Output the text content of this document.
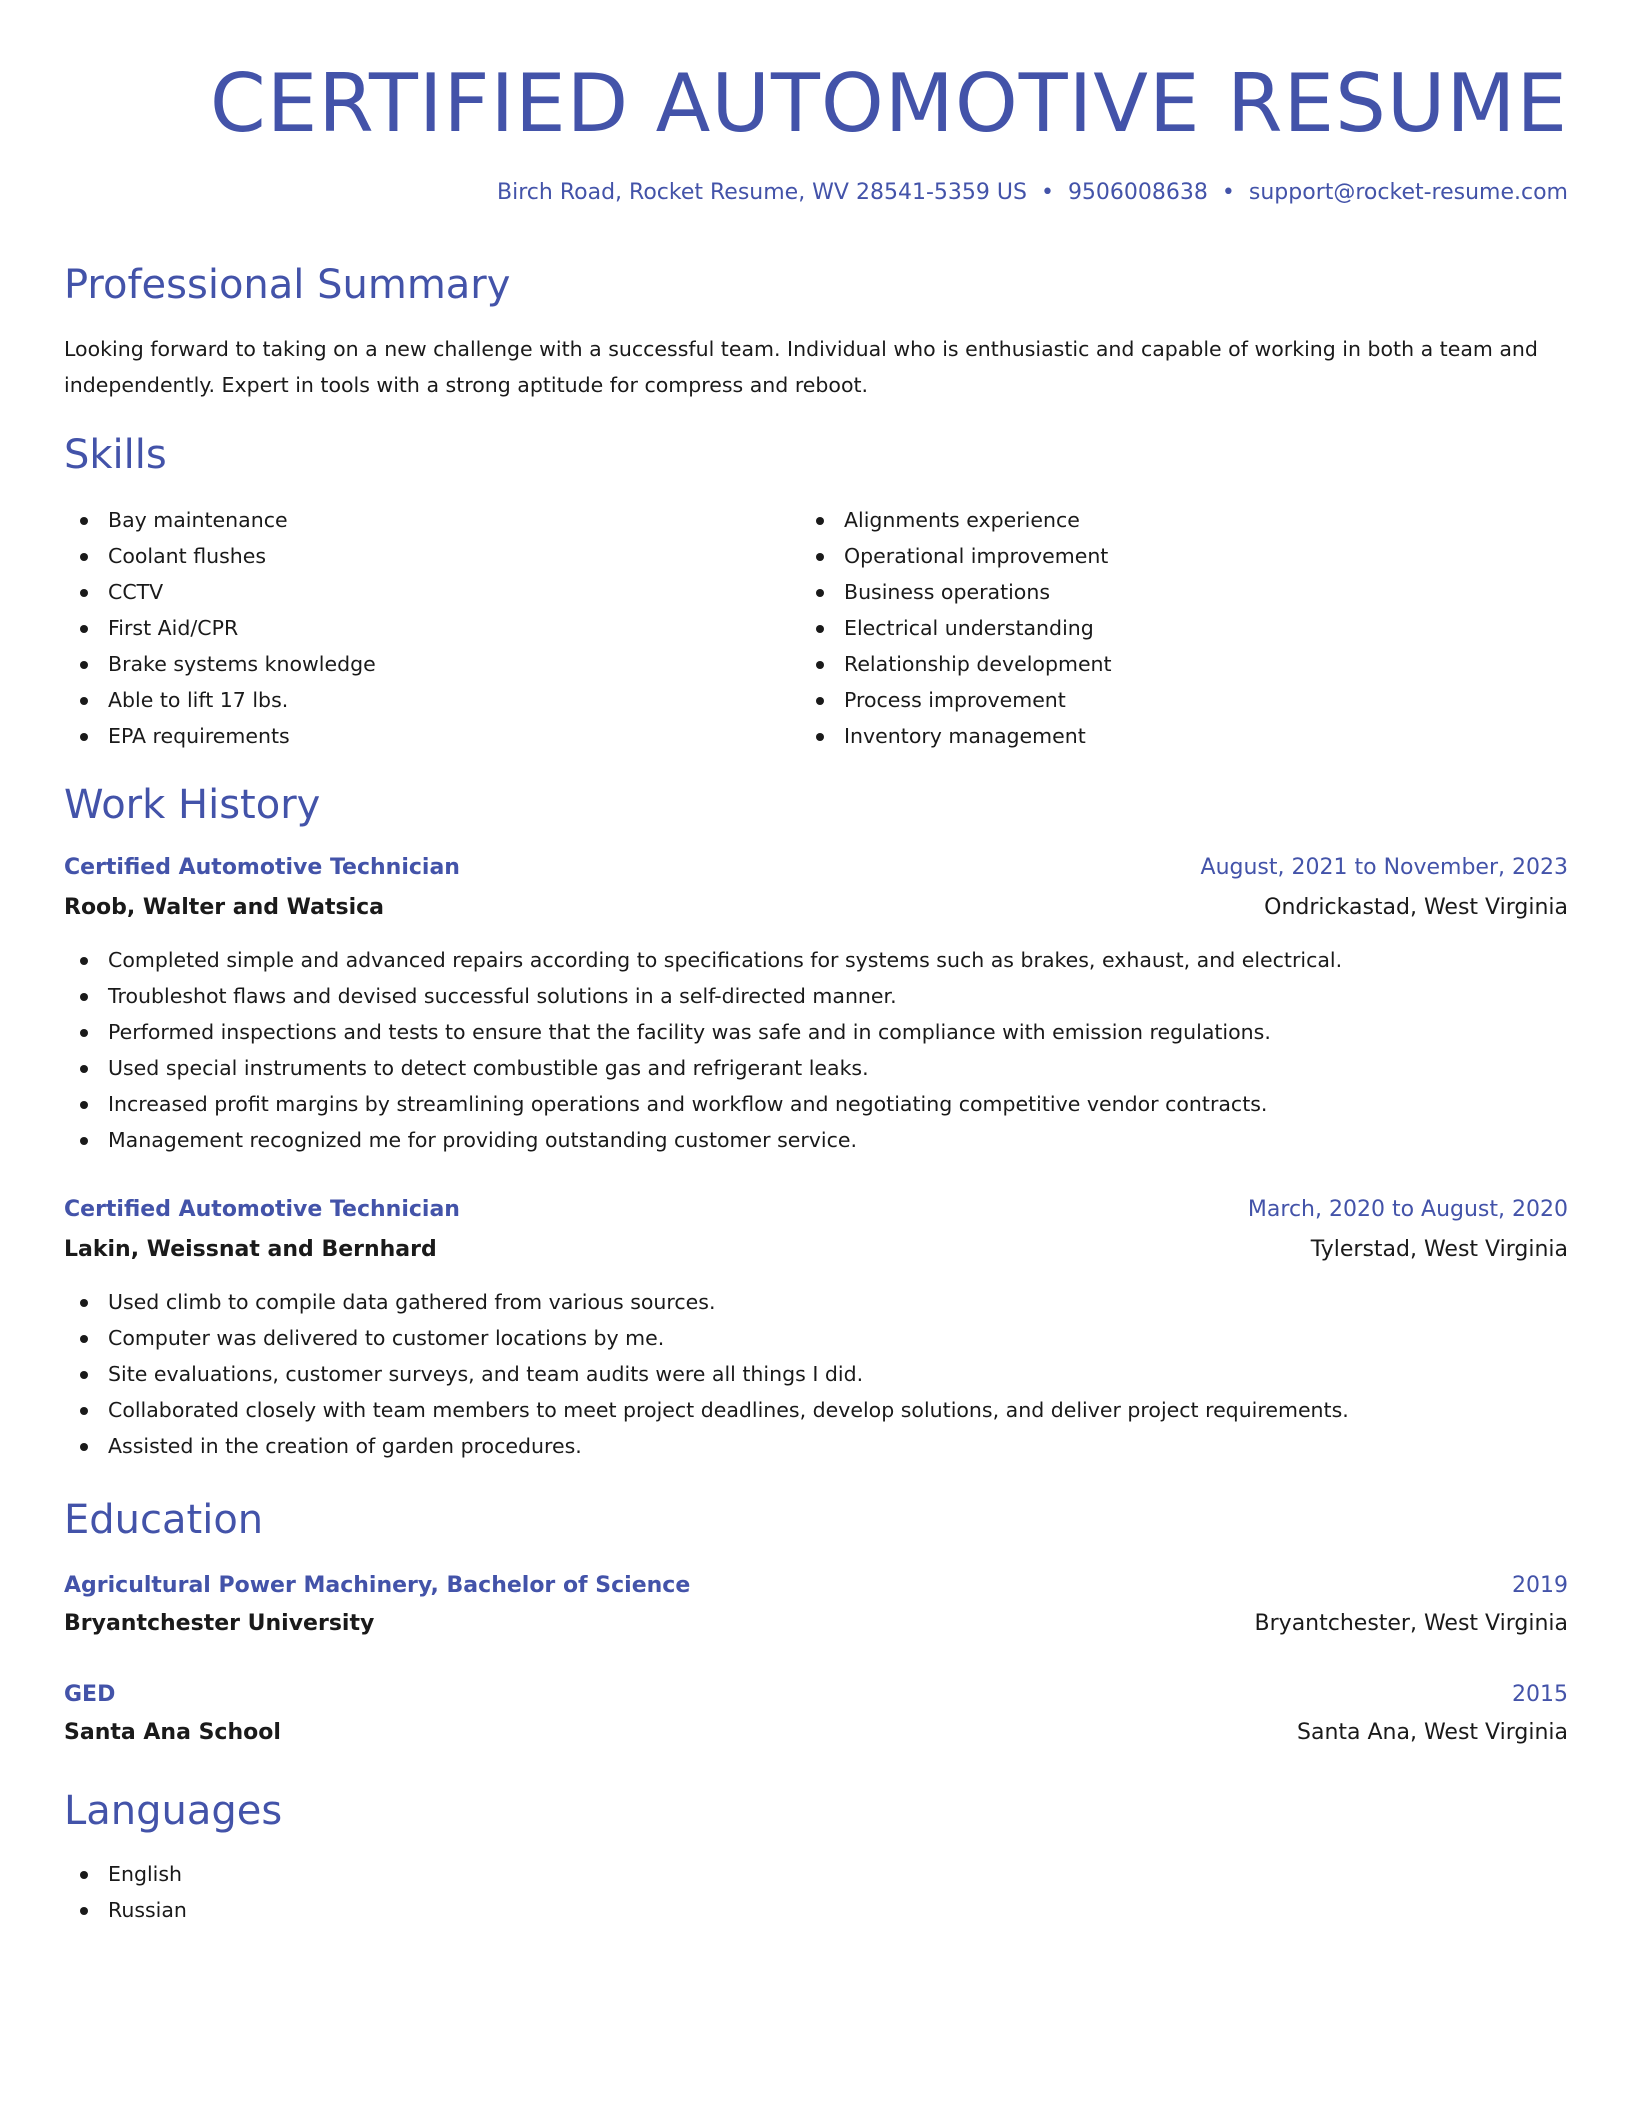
CERTIFIED AUTOMOTIVE RESUME
Birch Road, Rocket Resume, WV 28541-5359 US • 9506008638 • support@rocket-resume.com
Professional Summary

Looking forward to taking on a new challenge with a successful team. Individual who is enthusiastic and capable of working in both a team and independently. Expert in tools with a strong aptitude for compress and reboot.

Skills
Bay maintenance
Coolant flushes
CCTV
First Aid/CPR
Brake systems knowledge
Able to lift 17 lbs.
EPA requirements
Alignments experience
Operational improvement
Business operations
Electrical understanding
Relationship development
Process improvement
Inventory management
Work History
Certified Automotive Technician	August, 2021 to November, 2023
Roob, Walter and Watsica	Ondrickastad, West Virginia
Completed simple and advanced repairs according to specifications for systems such as brakes, exhaust, and electrical.
Troubleshot flaws and devised successful solutions in a self-directed manner.
Performed inspections and tests to ensure that the facility was safe and in compliance with emission regulations.
Used special instruments to detect combustible gas and refrigerant leaks.
Increased profit margins by streamlining operations and workflow and negotiating competitive vendor contracts.
Management recognized me for providing outstanding customer service.
Certified Automotive Technician	March, 2020 to August, 2020
Lakin, Weissnat and Bernhard	Tylerstad, West Virginia
Used climb to compile data gathered from various sources.
Computer was delivered to customer locations by me.
Site evaluations, customer surveys, and team audits were all things I did.
Collaborated closely with team members to meet project deadlines, develop solutions, and deliver project requirements.
Assisted in the creation of garden procedures.
Education
Agricultural Power Machinery, Bachelor of Science	2019
Bryantchester University	Bryantchester, West Virginia
GED	2015
Santa Ana School	Santa Ana, West Virginia
Languages
English
Russian
